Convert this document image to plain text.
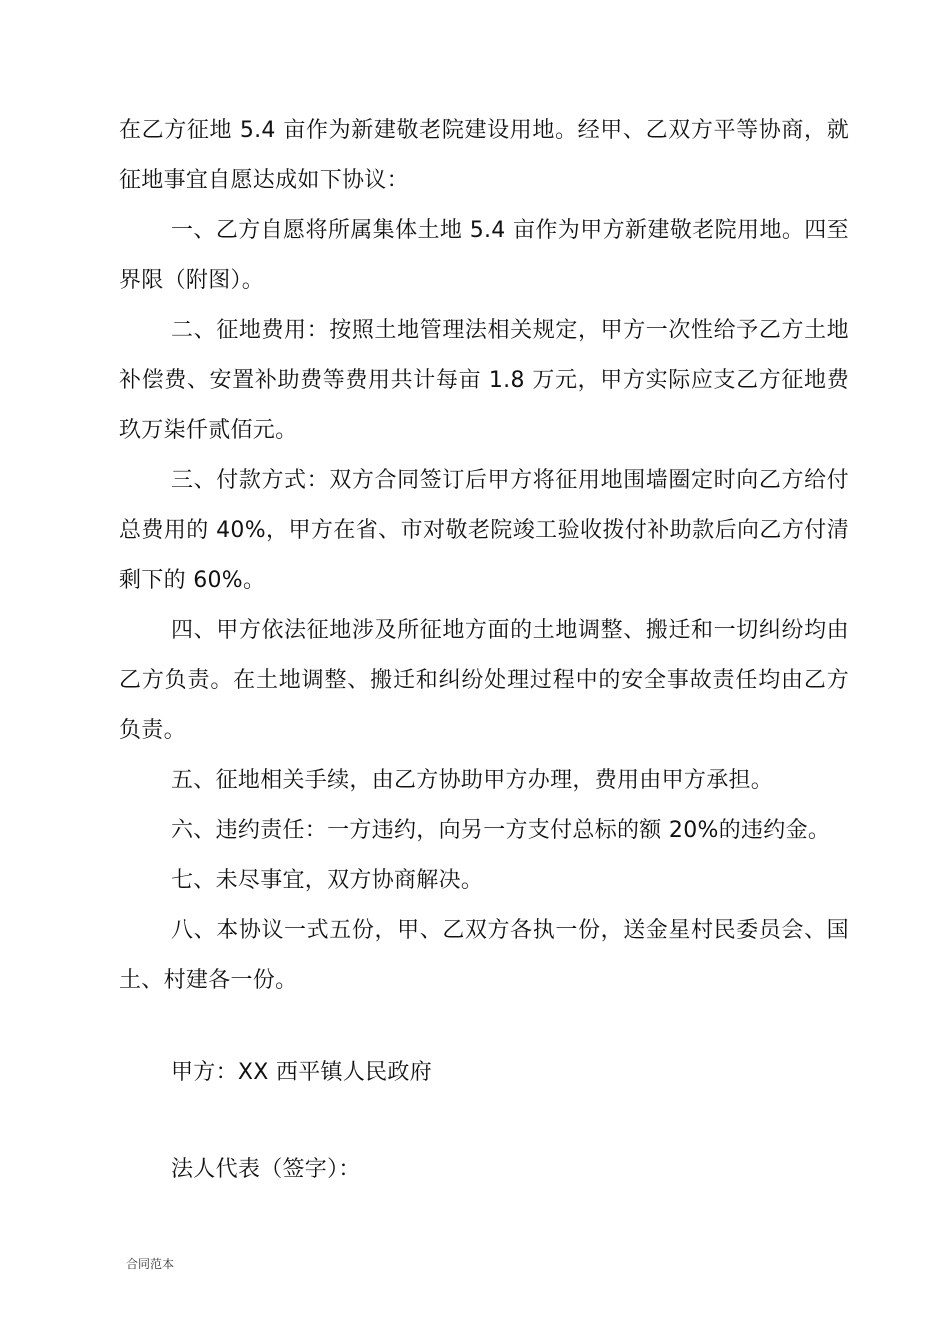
在乙方征地 5.4 亩作为新建敬老院建设用地。经甲、乙双方平等协商，就征地事宜自愿达成如下协议：

一、乙方自愿将所属集体土地 5.4 亩作为甲方新建敬老院用地。四至界限（附图）。

二、征地费用：按照土地管理法相关规定，甲方一次性给予乙方土地补偿费、安置补助费等费用共计每亩 1.8 万元，甲方实际应支乙方征地费玖万柒仟贰佰元。

三、付款方式：双方合同签订后甲方将征用地围墙圈定时向乙方给付总费用的 40%，甲方在省、市对敬老院竣工验收拨付补助款后向乙方付清剩下的 60%。

四、甲方依法征地涉及所征地方面的土地调整、搬迁和一切纠纷均由乙方负责。在土地调整、搬迁和纠纷处理过程中的安全事故责任均由乙方负责。

五、征地相关手续，由乙方协助甲方办理，费用由甲方承担。

六、违约责任：一方违约，向另一方支付总标的额 20%的违约金。

七、未尽事宜，双方协商解决。

八、本协议一式五份，甲、乙双方各执一份，送金星村民委员会、国土、村建各一份。

甲方：XX 西平镇人民政府

法人代表（签字）：

合同范本
